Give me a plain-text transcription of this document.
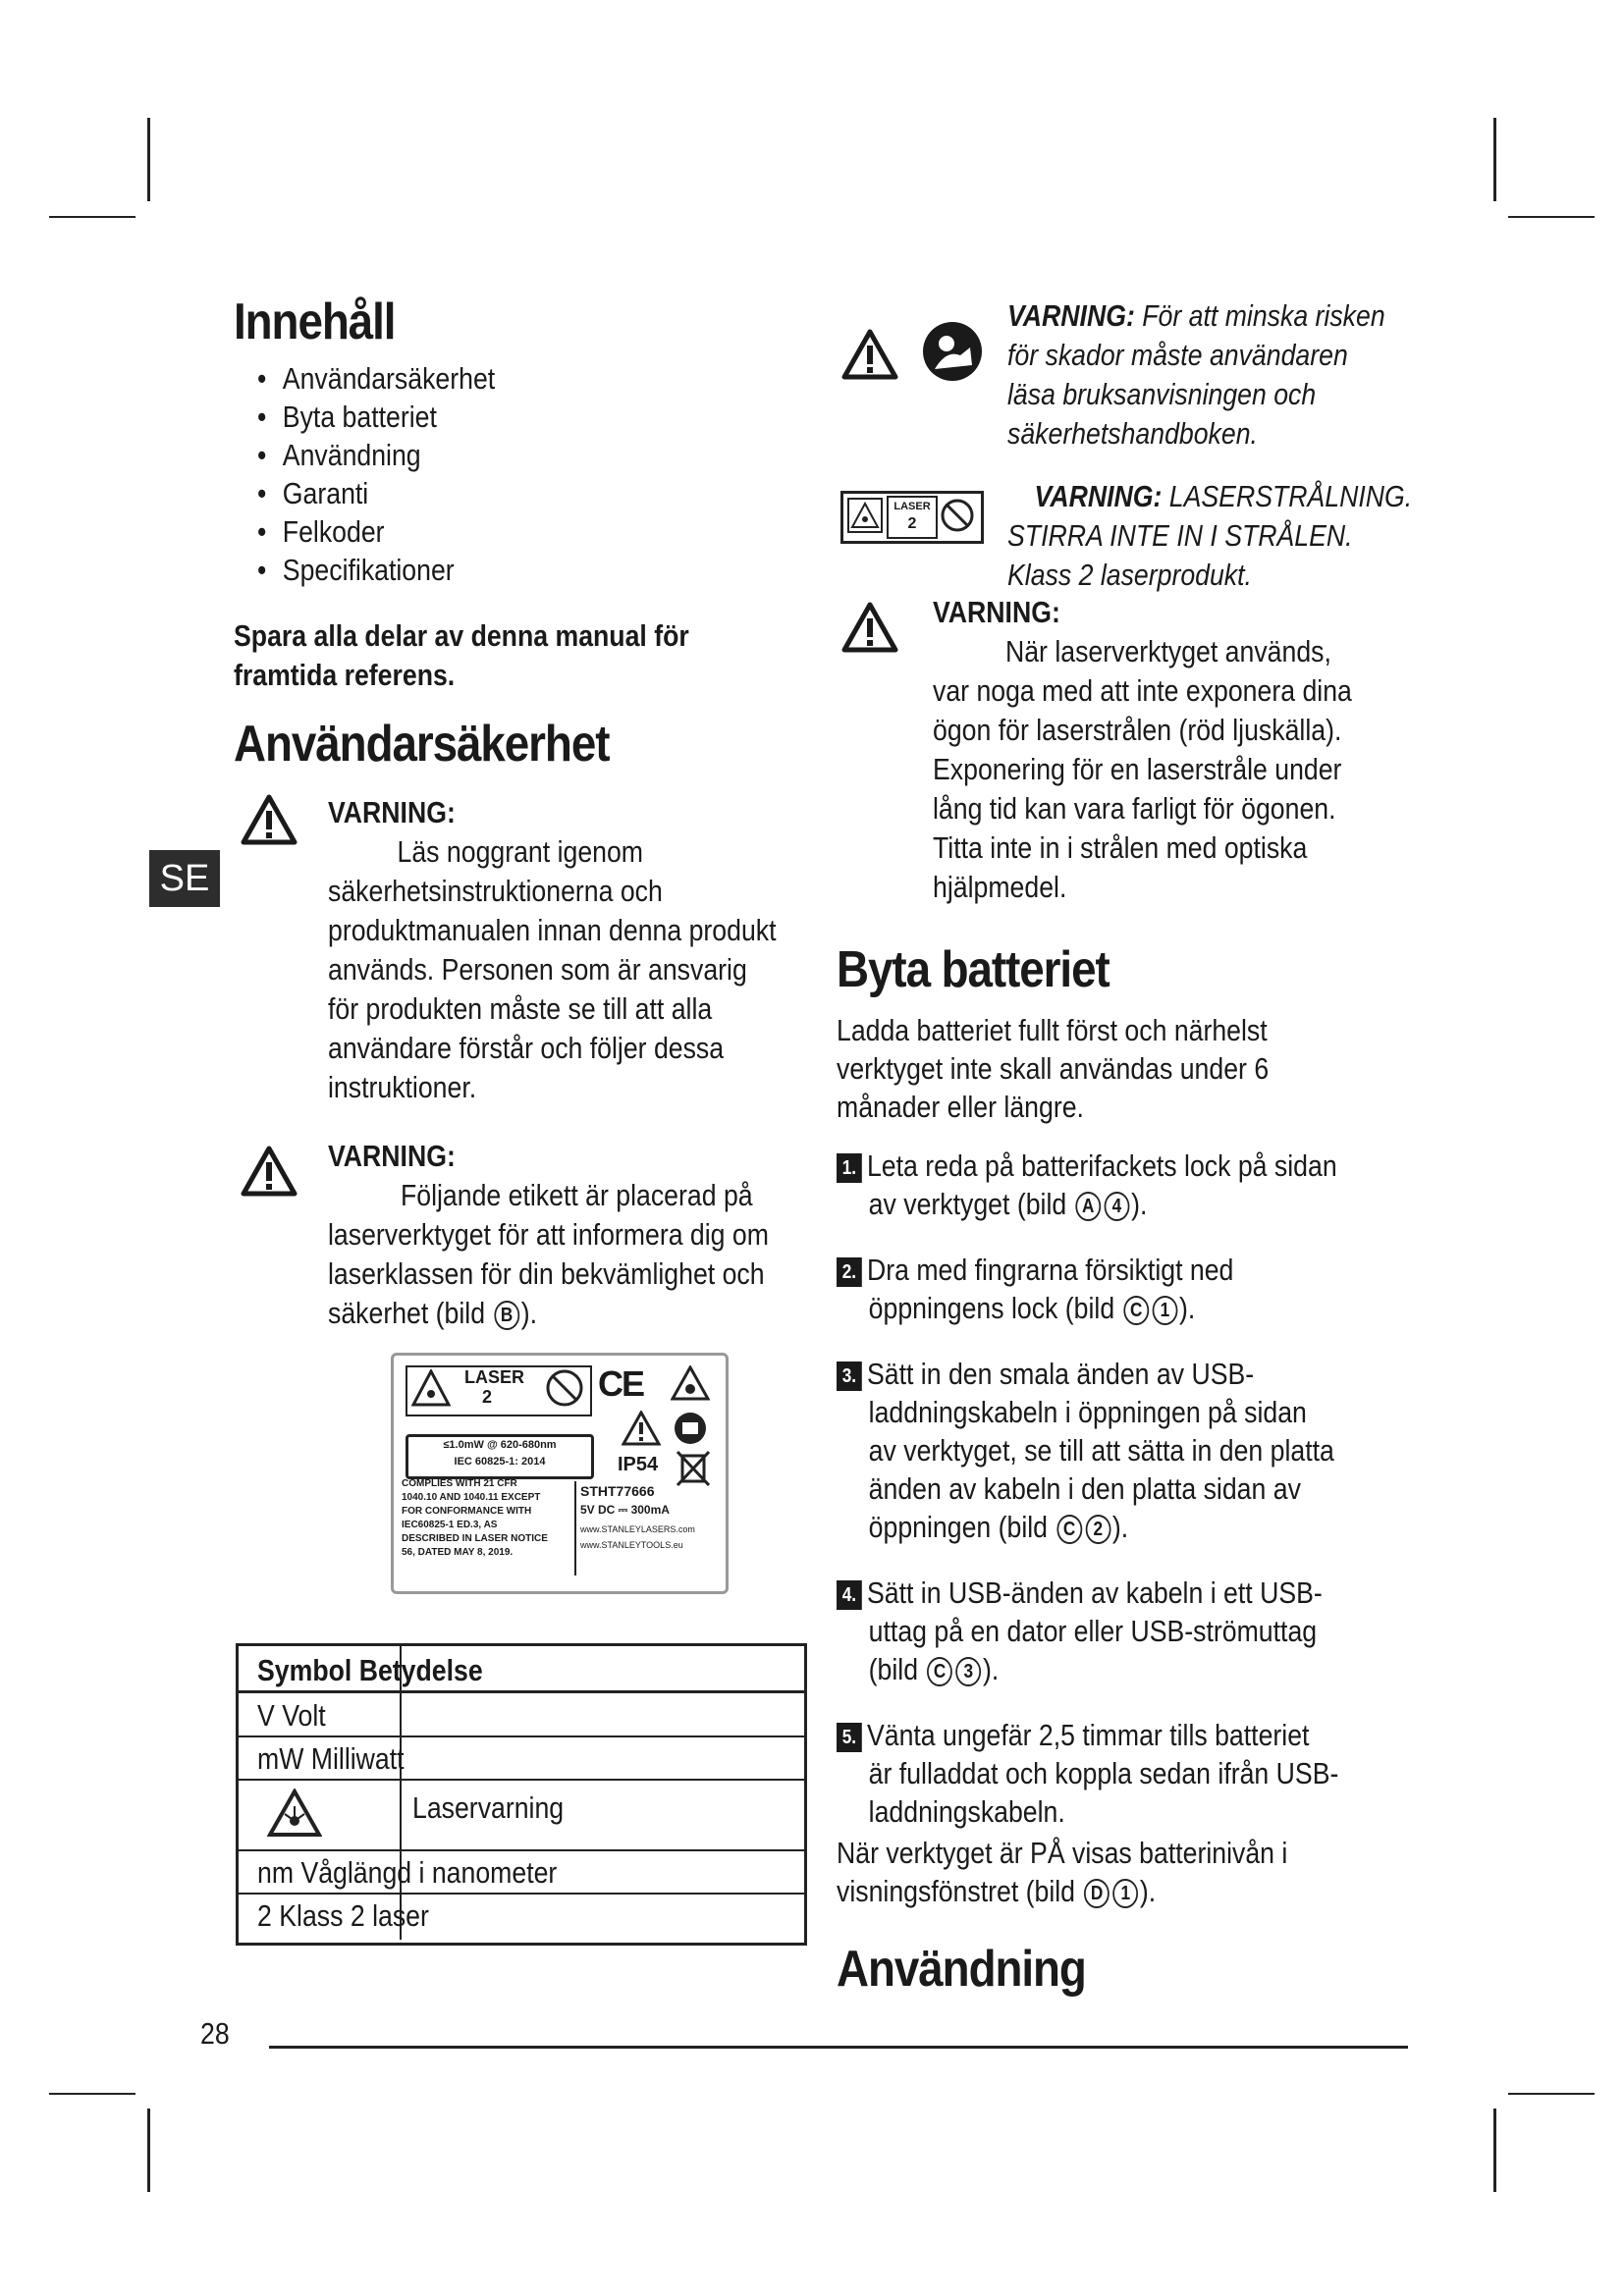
SE
Innehåll
• Användarsäkerhet
• Byta batteriet
• Användning
• Garanti
• Felkoder
• Specifikationer
Spara alla delar av denna manual för
framtida referens.
Användarsäkerhet
VARNING:
Läs noggrant igenom
säkerhetsinstruktionerna och
produktmanualen innan denna produkt
används. Personen som är ansvarig
för produkten måste se till att alla
användare förstår och följer dessa
instruktioner.
VARNING:
Följande etikett är placerad på
laserverktyget för att informera dig om
laserklassen för din bekvämlighet och
säkerhet (bild B ).
LASER
2	CE
≤1.0mW @ 620-680nm
IEC 60825-1: 2014	IP54
COMPLIES WITH 21 CFR
1040.10 AND 1040.11 EXCEPT
FOR CONFORMANCE WITH
IEC60825-1 ED.3, AS
DESCRIBED IN LASER NOTICE
56, DATED MAY 8, 2019.
STHT77666
5V DC ⎓ 300mA
www.STANLEYLASERS.com
www.STANLEYTOOLS.eu
Symbol Betydelse
V Volt
mW Milliwatt
Laservarning
nm Våglängd i nanometer
2 Klass 2 laser
VARNING: För att minska risken
för skador måste användaren
läsa bruksanvisningen och
säkerhetshandboken.
LASER
2
VARNING: LASERSTRÅLNING.
STIRRA INTE IN I STRÅLEN.
Klass 2 laserprodukt.
VARNING:
När laserverktyget används,
var noga med att inte exponera dina
ögon för laserstrålen (röd ljuskälla).
Exponering för en laserstråle under
lång tid kan vara farligt för ögonen.
Titta inte in i strålen med optiska
hjälpmedel.
Byta batteriet
Ladda batteriet fullt först och närhelst
verktyget inte skall användas under 6
månader eller längre.
1. Leta reda på batterifackets lock på sidan
av verktyget (bild A 4 ).
2. Dra med fingrarna försiktigt ned
öppningens lock (bild C 1 ).
3. Sätt in den smala änden av USB-
laddningskabeln i öppningen på sidan
av verktyget, se till att sätta in den platta
änden av kabeln i den platta sidan av
öppningen (bild C 2 ).
4. Sätt in USB-änden av kabeln i ett USB-
uttag på en dator eller USB-strömuttag
(bild C 3 ).
5. Vänta ungefär 2,5 timmar tills batteriet
är fulladdat och koppla sedan ifrån USB-
laddningskabeln.
När verktyget är PÅ visas batterinivån i
visningsfönstret (bild D 1 ).
Användning
28
